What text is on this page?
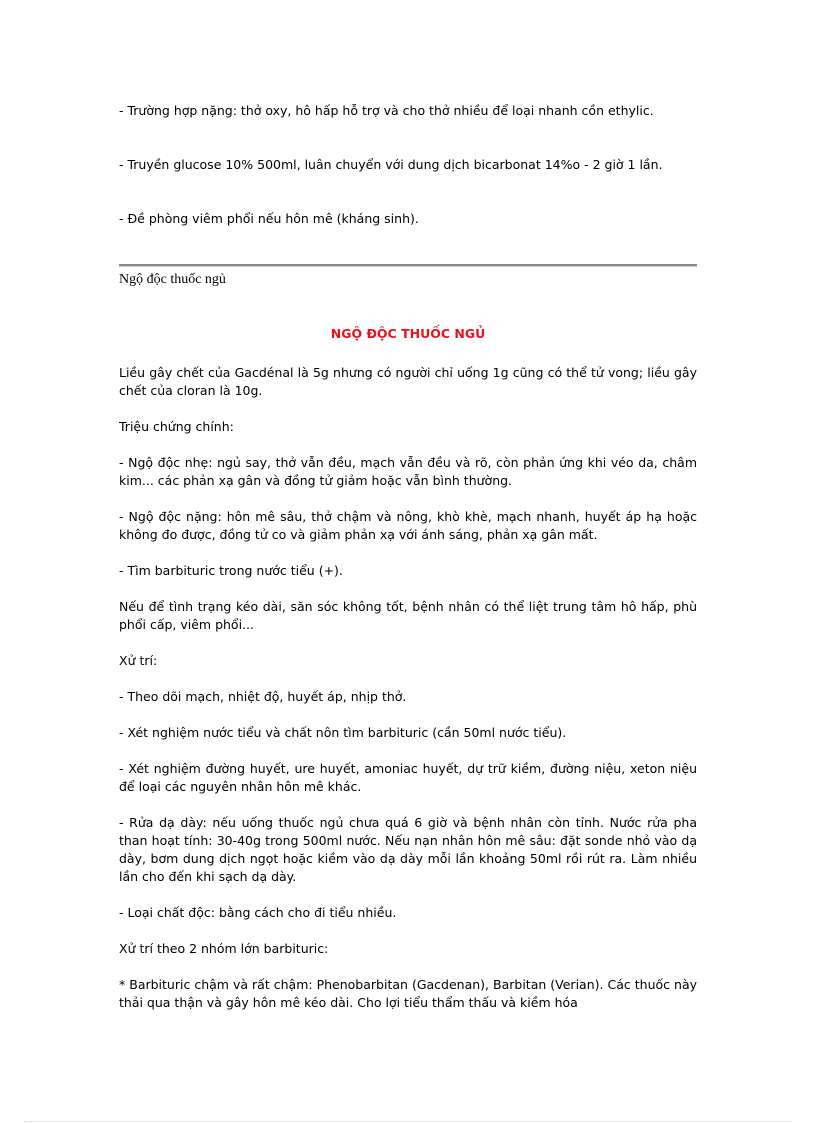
- Trường hợp nặng: thở oxy, hô hấp hỗ trợ và cho thở nhiều để loại nhanh cồn ethylic.

- Truyền glucose 10% 500ml, luân chuyển với dung dịch bicarbonat 14%o - 2 giờ 1 lần.

- Đề phòng viêm phổi nếu hôn mê (kháng sinh).

Ngộ độc thuốc ngủ
NGỘ ĐỘC THUỐC NGỦ

Liều gây chết của Gacdénal là 5g nhưng có người chỉ uống 1g cũng có thể tử vong; liều gây chết của cloran là 10g.

Triệu chứng chính:

- Ngộ độc nhẹ: ngủ say, thở vẫn đều, mạch vẫn đều và rõ, còn phản ứng khi véo da, châm kim... các phản xạ gân và đồng tử giảm hoặc vẫn bình thường.

- Ngộ độc nặng: hôn mê sâu, thở chậm và nông, khò khè, mạch nhanh, huyết áp hạ hoặc không đo được, đồng tử co và giảm phản xạ với ánh sáng, phản xạ gân mất.

- Tìm barbituric trong nước tiểu (+).

Nếu để tình trạng kéo dài, săn sóc không tốt, bệnh nhân có thể liệt trung tâm hô hấp, phù phổi cấp, viêm phổi...

Xử trí:

- Theo dõi mạch, nhiệt độ, huyết áp, nhịp thở.

- Xét nghiệm nước tiểu và chất nôn tìm barbituric (cần 50ml nước tiểu).

- Xét nghiệm đường huyết, ure huyết, amoniac huyết, dự trữ kiềm, đường niệu, xeton niệu để loại các nguyên nhân hôn mê khác.

- Rửa dạ dày: nếu uống thuốc ngủ chưa quá 6 giờ và bệnh nhân còn tỉnh. Nước rửa pha than hoạt tính: 30-40g trong 500ml nước. Nếu nạn nhân hôn mê sâu: đặt sonde nhỏ vào dạ dày, bơm dung dịch ngọt hoặc kiềm vào dạ dày mỗi lần khoảng 50ml rồi rút ra. Làm nhiều lần cho đến khi sạch dạ dày.

- Loại chất độc: bằng cách cho đi tiểu nhiều.

Xử trí theo 2 nhóm lớn barbituric:

* Barbituric chậm và rất chậm: Phenobarbitan (Gacdenan), Barbitan (Verian). Các thuốc này thải qua thận và gây hôn mê kéo dài. Cho lợi tiểu thẩm thấu và kiềm hóa
